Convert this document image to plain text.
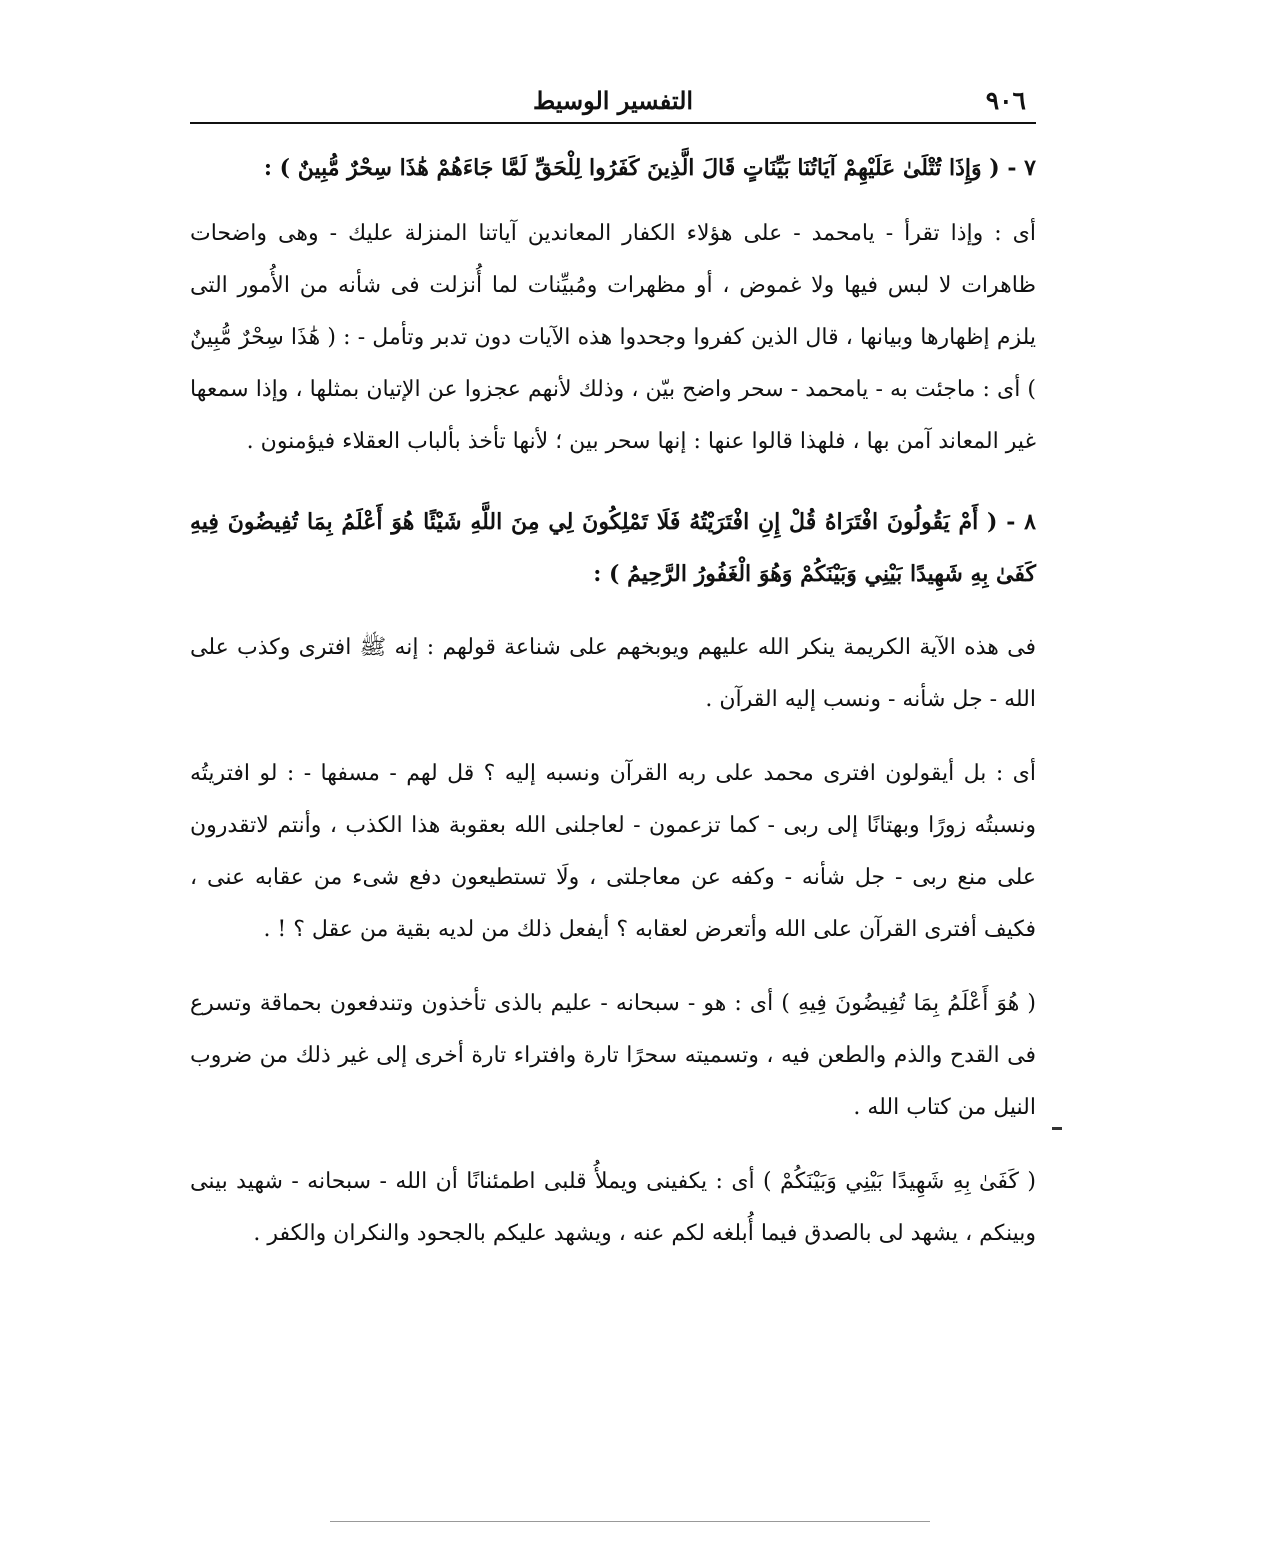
٩٠٦
التفسير الوسيط

٧ - ( وَإِذَا تُتْلَىٰ عَلَيْهِمْ آيَاتُنَا بَيِّنَاتٍ قَالَ الَّذِينَ كَفَرُوا لِلْحَقِّ لَمَّا جَاءَهُمْ هَٰذَا سِحْرٌ مُّبِينٌ ) :

أى : وإذا تقرأ - يامحمد - على هؤلاء الكفار المعاندين آياتنا المنزلة عليك - وهى واضحات ظاهرات لا لبس فيها ولا غموض ، أو مظهرات ومُبيِّنات لما أُنزلت فى شأنه من الأُمور التى يلزم إظهارها وبيانها ، قال الذين كفروا وجحدوا هذه الآيات دون تدبر وتأمل - : ( هَٰذَا سِحْرٌ مُّبِينٌ ) أى : ماجئت به - يامحمد - سحر واضح بيّن ، وذلك لأنهم عجزوا عن الإتيان بمثلها ، وإذا سمعها غير المعاند آمن بها ، فلهذا قالوا عنها : إنها سحر بين ؛ لأنها تأخذ بألباب العقلاء فيؤمنون .

٨ - ( أَمْ يَقُولُونَ افْتَرَاهُ قُلْ إِنِ افْتَرَيْتُهُ فَلَا تَمْلِكُونَ لِي مِنَ اللَّهِ شَيْئًا هُوَ أَعْلَمُ بِمَا تُفِيضُونَ فِيهِ كَفَىٰ بِهِ شَهِيدًا بَيْنِي وَبَيْنَكُمْ وَهُوَ الْغَفُورُ الرَّحِيمُ ) :

فى هذه الآية الكريمة ينكر الله عليهم ويوبخهم على شناعة قولهم : إنه ﷺ افترى وكذب على الله - جل شأنه - ونسب إليه القرآن .

أى : بل أيقولون افترى محمد على ربه القرآن ونسبه إليه ؟ قل لهم - مسفها - : لو افتريتُه ونسبتُه زورًا وبهتانًا إلى ربى - كما تزعمون - لعاجلنى الله بعقوبة هذا الكذب ، وأنتم لاتقدرون على منع ربى - جل شأنه - وكفه عن معاجلتى ، ولَا تستطيعون دفع شىء من عقابه عنى ، فكيف أفترى القرآن على الله وأتعرض لعقابه ؟ أيفعل ذلك من لديه بقية من عقل ؟ ! .

( هُوَ أَعْلَمُ بِمَا تُفِيضُونَ فِيهِ ) أى : هو - سبحانه - عليم بالذى تأخذون وتندفعون بحماقة وتسرع فى القدح والذم والطعن فيه ، وتسميته سحرًا تارة وافتراء تارة أخرى إلى غير ذلك من ضروب النيل من كتاب الله .

( كَفَىٰ بِهِ شَهِيدًا بَيْنِي وَبَيْنَكُمْ ) أى : يكفينى ويملأُ قلبى اطمئنانًا أن الله - سبحانه - شهيد بينى وبينكم ، يشهد لى بالصدق فيما أُبلغه لكم عنه ، ويشهد عليكم بالجحود والنكران والكفر .
